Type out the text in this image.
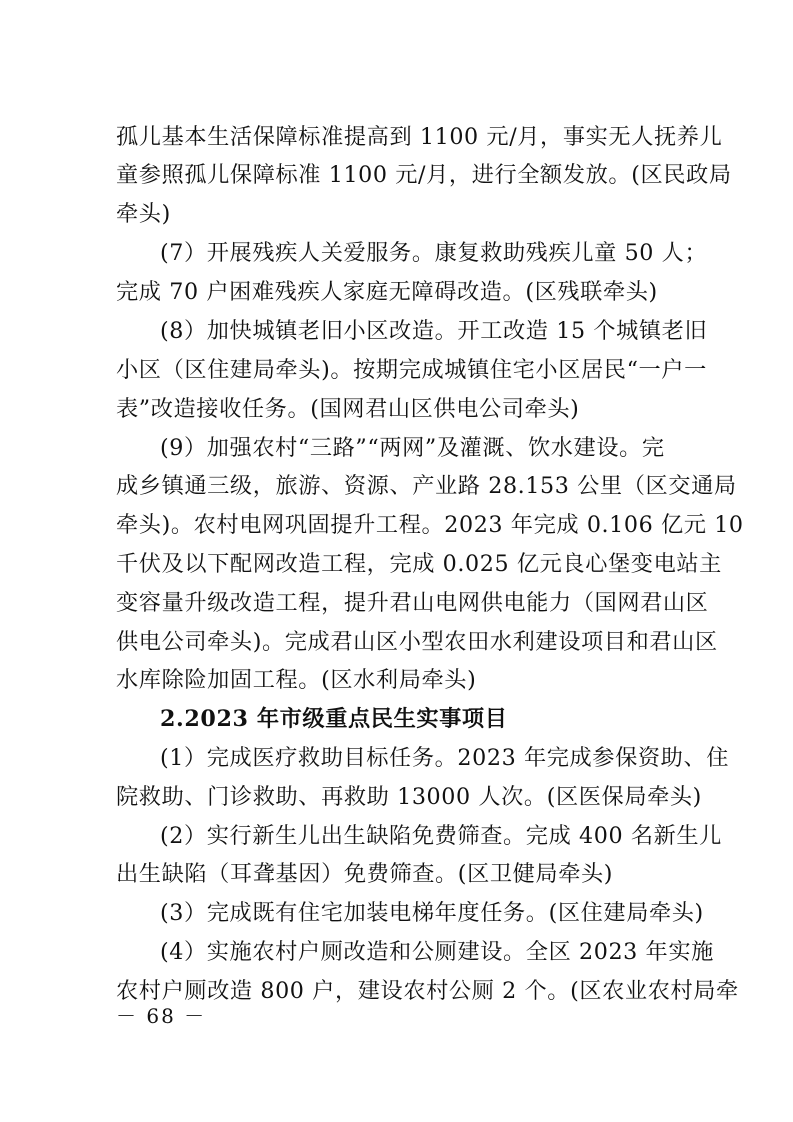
孤儿基本生活保障标准提高到 1100 元/月，事实无人抚养儿
童参照孤儿保障标准 1100 元/月，进行全额发放。(区民政局
牵头)
(7）开展残疾人关爱服务。康复救助残疾儿童 50 人；
完成 70 户困难残疾人家庭无障碍改造。(区残联牵头)
(8）加快城镇老旧小区改造。开工改造 15 个城镇老旧
小区（区住建局牵头)。按期完成城镇住宅小区居民“一户一
表”改造接收任务。(国网君山区供电公司牵头)
(9）加强农村“三路”“两网”及灌溉、饮水建设。完
成乡镇通三级，旅游、资源、产业路 28.153 公里（区交通局
牵头)。农村电网巩固提升工程。2023 年完成 0.106 亿元 10
千伏及以下配网改造工程，完成 0.025 亿元良心堡变电站主
变容量升级改造工程，提升君山电网供电能力（国网君山区
供电公司牵头)。完成君山区小型农田水利建设项目和君山区
水库除险加固工程。(区水利局牵头)
2.2023 年市级重点民生实事项目
(1）完成医疗救助目标任务。2023 年完成参保资助、住
院救助、门诊救助、再救助 13000 人次。(区医保局牵头)
(2）实行新生儿出生缺陷免费筛查。完成 400 名新生儿
出生缺陷（耳聋基因）免费筛查。(区卫健局牵头)
(3）完成既有住宅加装电梯年度任务。(区住建局牵头)
(4）实施农村户厕改造和公厕建设。全区 2023 年实施
农村户厕改造 800 户，建设农村公厕 2 个。(区农业农村局牵
－ 68 －
